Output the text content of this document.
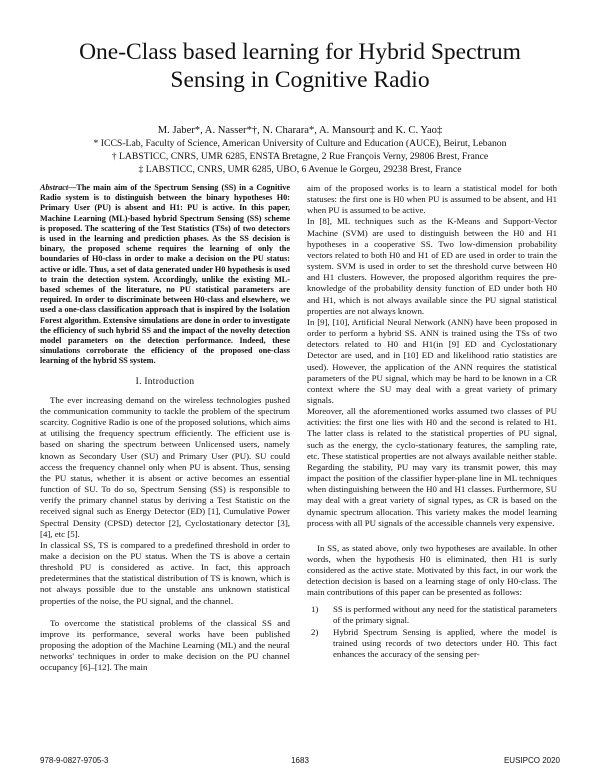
One-Class based learning for Hybrid Spectrum
Sensing in Cognitive Radio

M. Jaber*, A. Nasser*†, N. Charara*, A. Mansour‡ and K. C. Yao‡

* ICCS-Lab, Faculty of Science, American University of Culture and Education (AUCE), Beirut, Lebanon
† LABSTICC, CNRS, UMR 6285, ENSTA Bretagne, 2 Rue François Verny, 29806 Brest, France
‡ LABSTICC, CNRS, UMR 6285, UBO, 6 Avenue le Gorgeu, 29238 Brest, France

Abstract—The main aim of the Spectrum Sensing (SS) in a Cognitive Radio system is to distinguish between the binary hypotheses H0: Primary User (PU) is absent and H1: PU is active. In this paper, Machine Learning (ML)-based hybrid Spectrum Sensing (SS) scheme is proposed. The scattering of the Test Statistics (TSs) of two detectors is used in the learning and prediction phases. As the SS decision is binary, the proposed scheme requires the learning of only the boundaries of H0-class in order to make a decision on the PU status: active or idle. Thus, a set of data generated under H0 hypothesis is used to train the detection system. Accordingly, unlike the existing ML-based schemes of the literature, no PU statistical parameters are required. In order to discriminate between H0-class and elsewhere, we used a one-class classification approach that is inspired by the Isolation Forest algorithm. Extensive simulations are done in order to investigate the efficiency of such hybrid SS and the impact of the novelty detection model parameters on the detection performance. Indeed, these simulations corroborate the efficiency of the proposed one-class learning of the hybrid SS system.

I. Introduction

The ever increasing demand on the wireless technologies pushed the communication community to tackle the problem of the spectrum scarcity. Cognitive Radio is one of the proposed solutions, which aims at utilising the frequency spectrum efficiently. The efficient use is based on sharing the spectrum between Unlicensed users, namely known as Secondary User (SU) and Primary User (PU). SU could access the frequency channel only when PU is absent. Thus, sensing the PU status, whether it is absent or active becomes an essential function of SU. To do so, Spectrum Sensing (SS) is responsible to verify the primary channel status by deriving a Test Statistic on the received signal such as Energy Detector (ED) [1], Cumulative Power Spectral Density (CPSD) detector [2], Cyclostationary detector [3], [4], etc [5].

In classical SS, TS is compared to a predefined threshold in order to make a decision on the PU status. When the TS is above a certain threshold PU is considered as active. In fact, this approach predetermines that the statistical distribution of TS is known, which is not always possible due to the unstable ans unknown statistical properties of the noise, the PU signal, and the channel.

To overcome the statistical problems of the classical SS and improve its performance, several works have been published proposing the adoption of the Machine Learning (ML) and the neural networks' techniques in order to make decision on the PU channel occupancy [6]–[12]. The main

aim of the proposed works is to learn a statistical model for both statuses: the first one is H0 when PU is assumed to be absent, and H1 when PU is assumed to be active.

In [8], ML techniques such as the K-Means and Support-Vector Machine (SVM) are used to distinguish between the H0 and H1 hypotheses in a cooperative SS. Two low-dimension probability vectors related to both H0 and H1 of ED are used in order to train the system. SVM is used in order to set the threshold curve between H0 and H1 clusters. However, the proposed algorithm requires the pre-knowledge of the probability density function of ED under both H0 and H1, which is not always available since the PU signal statistical properties are not always known.

In [9], [10], Artificial Neural Network (ANN) have been proposed in order to perform a hybrid SS. ANN is trained using the TSs of two detectors related to H0 and H1(in [9] ED and Cyclostationary Detector are used, and in [10] ED and likelihood ratio statistics are used). However, the application of the ANN requires the statistical parameters of the PU signal, which may be hard to be known in a CR context where the SU may deal with a great variety of primary signals.

Moreover, all the aforementioned works assumed two classes of PU activities: the first one lies with H0 and the second is related to H1. The latter class is related to the statistical properties of PU signal, such as the energy, the cyclo-stationary features, the sampling rate, etc. These statistical properties are not always available neither stable. Regarding the stability, PU may vary its transmit power, this may impact the position of the classifier hyper-plane line in ML techniques when distinguishing between the H0 and H1 classes. Furthermore, SU may deal with a great variety of signal types, as CR is based on the dynamic spectrum allocation. This variety makes the model learning process with all PU signals of the accessible channels very expensive.

In SS, as stated above, only two hypotheses are available. In other words, when the hypothesis H0 is eliminated, then H1 is surly considered as the active state. Motivated by this fact, in our work the detection decision is based on a learning stage of only H0-class. The main contributions of this paper can be presented as follows:

1)	SS is performed without any need for the statistical parameters of the primary signal.
2)	Hybrid Spectrum Sensing is applied, where the model is trained using records of two detectors under H0. This fact enhances the accuracy of the sensing per-
978-9-0827-9705-3	1683	EUSIPCO 2020
